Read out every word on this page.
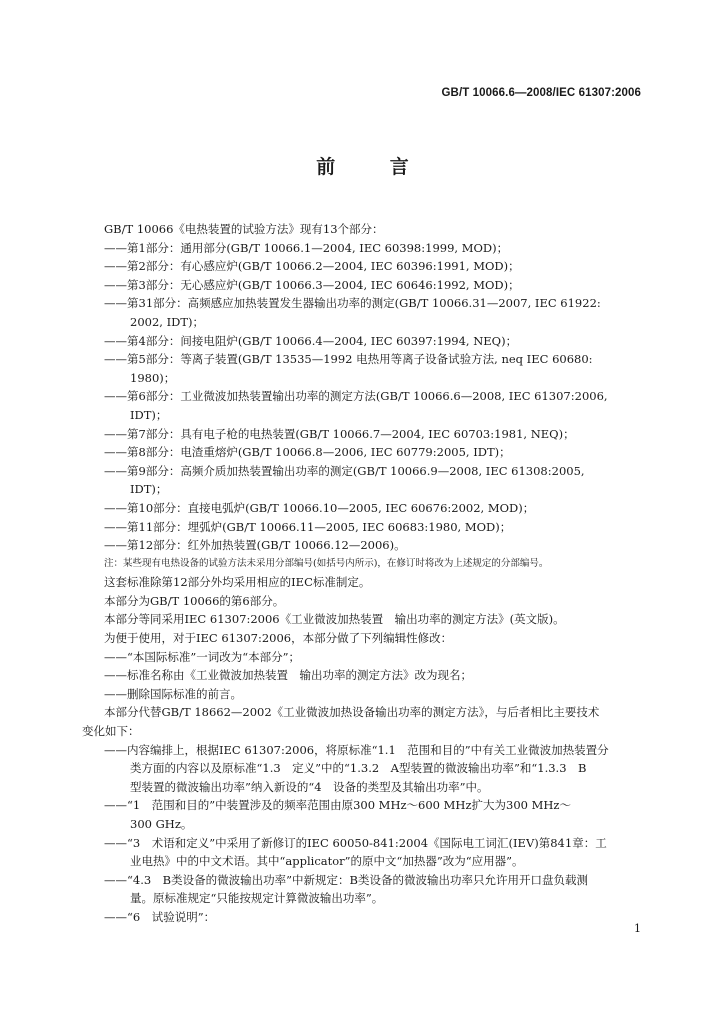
GB/T 10066.6—2008/IEC 61307:2006
前 言

GB/T 10066《电热装置的试验方法》现有13个部分：

——第1部分：通用部分(GB/T 10066.1—2004, IEC 60398:1999, MOD)；

——第2部分：有心感应炉(GB/T 10066.2—2004, IEC 60396:1991, MOD)；

——第3部分：无心感应炉(GB/T 10066.3—2004, IEC 60646:1992, MOD)；

——第31部分：高频感应加热装置发生器输出功率的测定(GB/T 10066.31—2007, IEC 61922:

2002, IDT)；

——第4部分：间接电阻炉(GB/T 10066.4—2004, IEC 60397:1994, NEQ)；

——第5部分：等离子装置(GB/T 13535—1992 电热用等离子设备试验方法, neq IEC 60680:

1980)；

——第6部分：工业微波加热装置输出功率的测定方法(GB/T 10066.6—2008, IEC 61307:2006,

IDT)；

——第7部分：具有电子枪的电热装置(GB/T 10066.7—2004, IEC 60703:1981, NEQ)；

——第8部分：电渣重熔炉(GB/T 10066.8—2006, IEC 60779:2005, IDT)；

——第9部分：高频介质加热装置输出功率的测定(GB/T 10066.9—2008, IEC 61308:2005,

IDT)；

——第10部分：直接电弧炉(GB/T 10066.10—2005, IEC 60676:2002, MOD)；

——第11部分：埋弧炉(GB/T 10066.11—2005, IEC 60683:1980, MOD)；

——第12部分：红外加热装置(GB/T 10066.12—2006)。

注：某些现有电热设备的试验方法未采用分部编号(如括号内所示)，在修订时将改为上述规定的分部编号。

这套标准除第12部分外均采用相应的IEC标准制定。

本部分为GB/T 10066的第6部分。

本部分等同采用IEC 61307:2006《工业微波加热装置　输出功率的测定方法》(英文版)。

为便于使用，对于IEC 61307:2006，本部分做了下列编辑性修改：

——“本国际标准”一词改为“本部分”；

——标准名称由《工业微波加热装置　输出功率的测定方法》改为现名；

——删除国际标准的前言。

本部分代替GB/T 18662—2002《工业微波加热设备输出功率的测定方法》，与后者相比主要技术

变化如下：

——内容编排上，根据IEC 61307:2006，将原标准“1.1　范围和目的”中有关工业微波加热装置分

类方面的内容以及原标准“1.3　定义”中的“1.3.2　A型装置的微波输出功率”和“1.3.3　B

型装置的微波输出功率”纳入新设的“4　设备的类型及其输出功率”中。

——“1　范围和目的”中装置涉及的频率范围由原300 MHz～600 MHz扩大为300 MHz～

300 GHz。

——“3　术语和定义”中采用了新修订的IEC 60050-841:2004《国际电工词汇(IEV)第841章：工

业电热》中的中文术语。其中“applicator”的原中文“加热器”改为“应用器”。

——“4.3　B类设备的微波输出功率”中新规定：B类设备的微波输出功率只允许用开口盘负载测

量。原标准规定“只能按规定计算微波输出功率”。

——“6　试验说明”：

1
